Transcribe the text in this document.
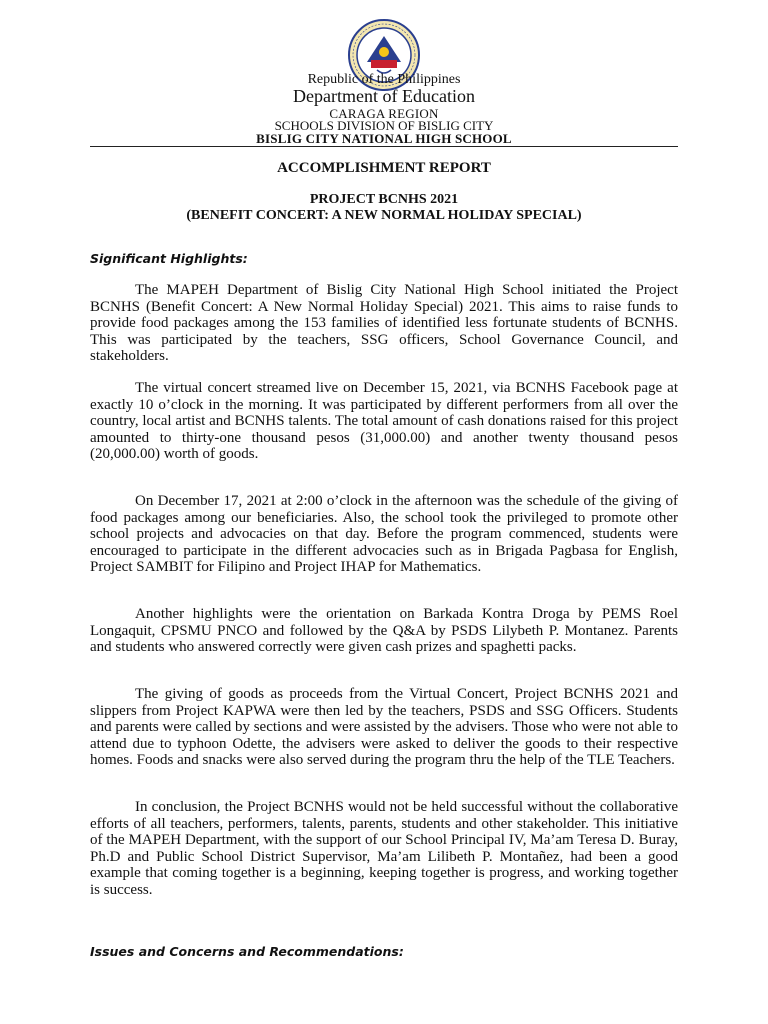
Republic of the Philippines
Department of Education
CARAGA REGION
SCHOOLS DIVISION OF BISLIG CITY
BISLIG CITY NATIONAL HIGH SCHOOL
ACCOMPLISHMENT REPORT
PROJECT BCNHS 2021
(BENEFIT CONCERT: A NEW NORMAL HOLIDAY SPECIAL)
Significant Highlights:

The MAPEH Department of Bislig City National High School initiated the Project BCNHS (Benefit Concert: A New Normal Holiday Special) 2021. This aims to raise funds to provide food packages among the 153 families of identified less fortunate students of BCNHS. This was participated by the teachers, SSG officers, School Governance Council, and stakeholders.

The virtual concert streamed live on December 15, 2021, via BCNHS Facebook page at exactly 10 o’clock in the morning. It was participated by different performers from all over the country, local artist and BCNHS talents. The total amount of cash donations raised for this project amounted to thirty-one thousand pesos (31,000.00) and another twenty thousand pesos (20,000.00) worth of goods.

On December 17, 2021 at 2:00 o’clock in the afternoon was the schedule of the giving of food packages among our beneficiaries. Also, the school took the privileged to promote other school projects and advocacies on that day. Before the program commenced, students were encouraged to participate in the different advocacies such as in Brigada Pagbasa for English, Project SAMBIT for Filipino and Project IHAP for Mathematics.

Another highlights were the orientation on Barkada Kontra Droga by PEMS Roel Longaquit, CPSMU PNCO and followed by the Q&A by PSDS Lilybeth P. Montanez. Parents and students who answered correctly were given cash prizes and spaghetti packs.

The giving of goods as proceeds from the Virtual Concert, Project BCNHS 2021 and slippers from Project KAPWA were then led by the teachers, PSDS and SSG Officers. Students and parents were called by sections and were assisted by the advisers. Those who were not able to attend due to typhoon Odette, the advisers were asked to deliver the goods to their respective homes. Foods and snacks were also served during the program thru the help of the TLE Teachers.

In conclusion, the Project BCNHS would not be held successful without the collaborative efforts of all teachers, performers, talents, parents, students and other stakeholder. This initiative of the MAPEH Department, with the support of our School Principal IV, Ma’am Teresa D. Buray, Ph.D and Public School District Supervisor, Ma’am Lilibeth P. Montañez, had been a good example that coming together is a beginning, keeping together is progress, and working together is success.

Issues and Concerns and Recommendations:
